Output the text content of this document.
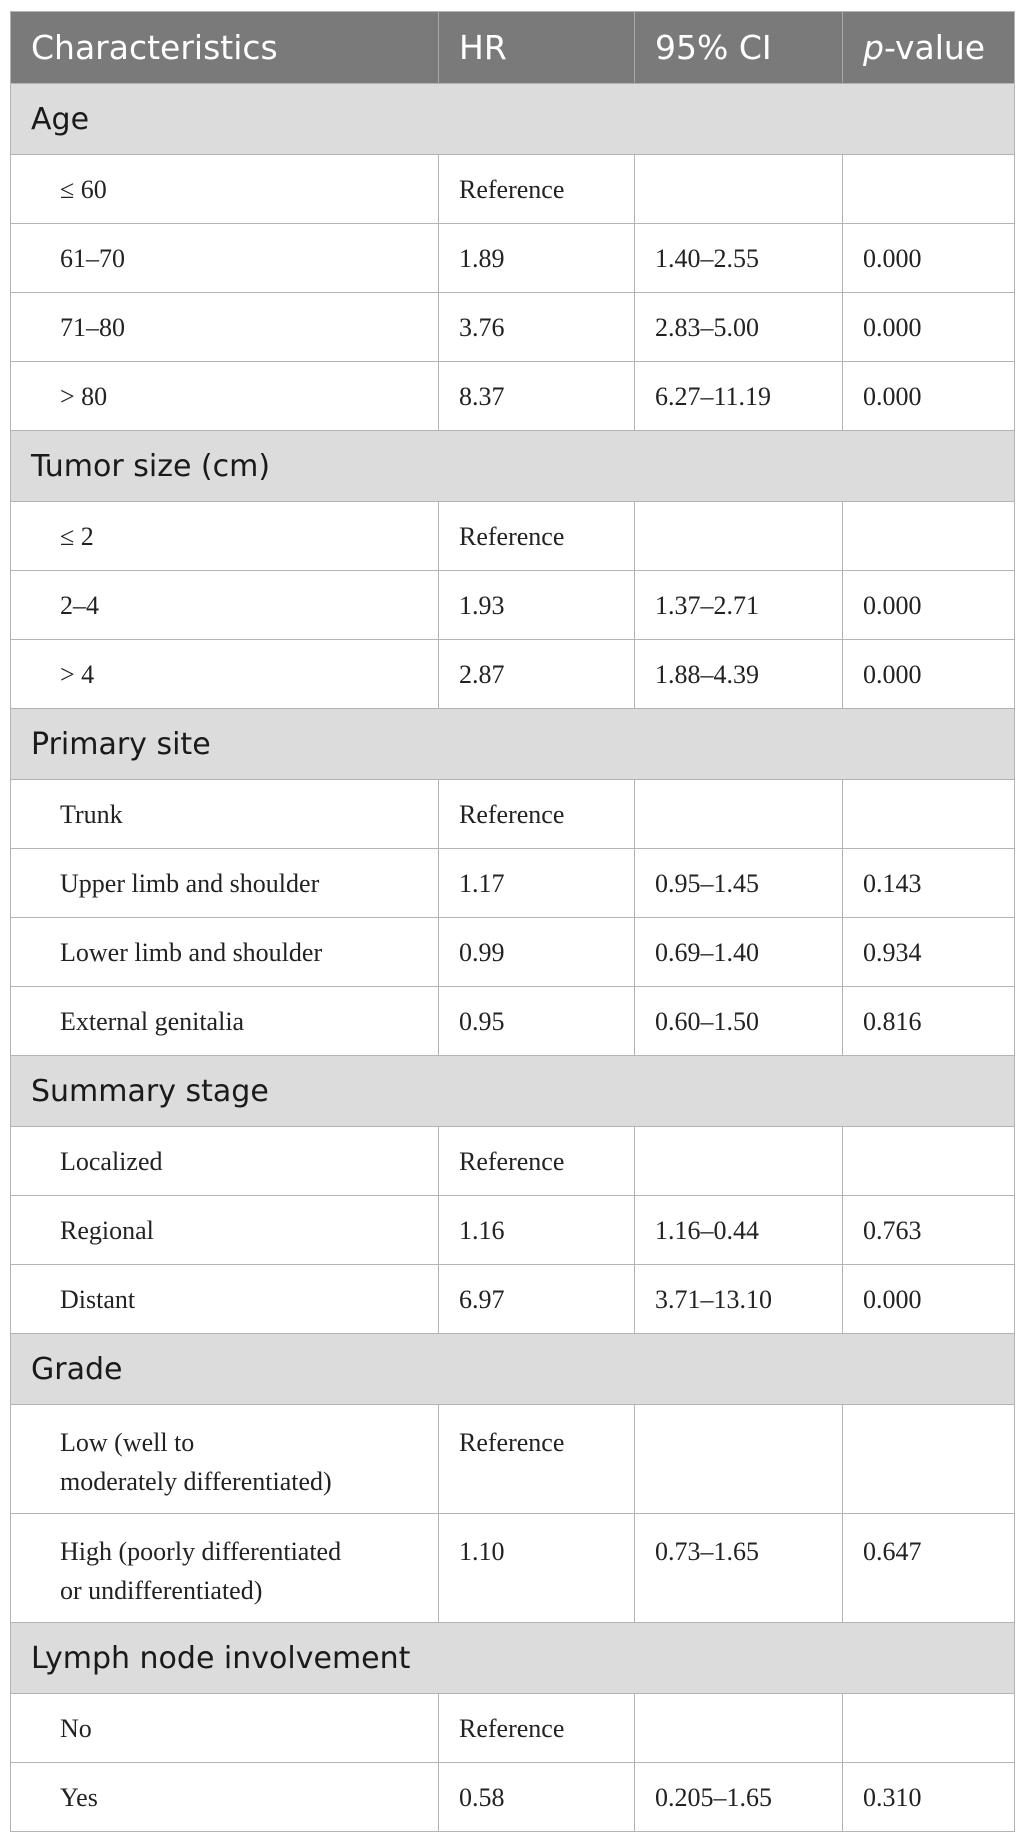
Characteristics	HR	95% CI	p-value
Age			
≤ 60	Reference		
61–70	1.89	1.40–2.55	0.000
71–80	3.76	2.83–5.00	0.000
> 80	8.37	6.27–11.19	0.000
Tumor size (cm)			
≤ 2	Reference		
2–4	1.93	1.37–2.71	0.000
> 4	2.87	1.88–4.39	0.000
Primary site			
Trunk	Reference		
Upper limb and shoulder	1.17	0.95–1.45	0.143
Lower limb and shoulder	0.99	0.69–1.40	0.934
External genitalia	0.95	0.60–1.50	0.816
Summary stage			
Localized	Reference		
Regional	1.16	1.16–0.44	0.763
Distant	6.97	3.71–13.10	0.000
Grade			

Low (well to
moderately differentiated)	Reference		

High (poorly differentiated
or undifferentiated)	1.10	0.73–1.65	0.647
Lymph node involvement			
No	Reference		
Yes	0.58	0.205–1.65	0.310
